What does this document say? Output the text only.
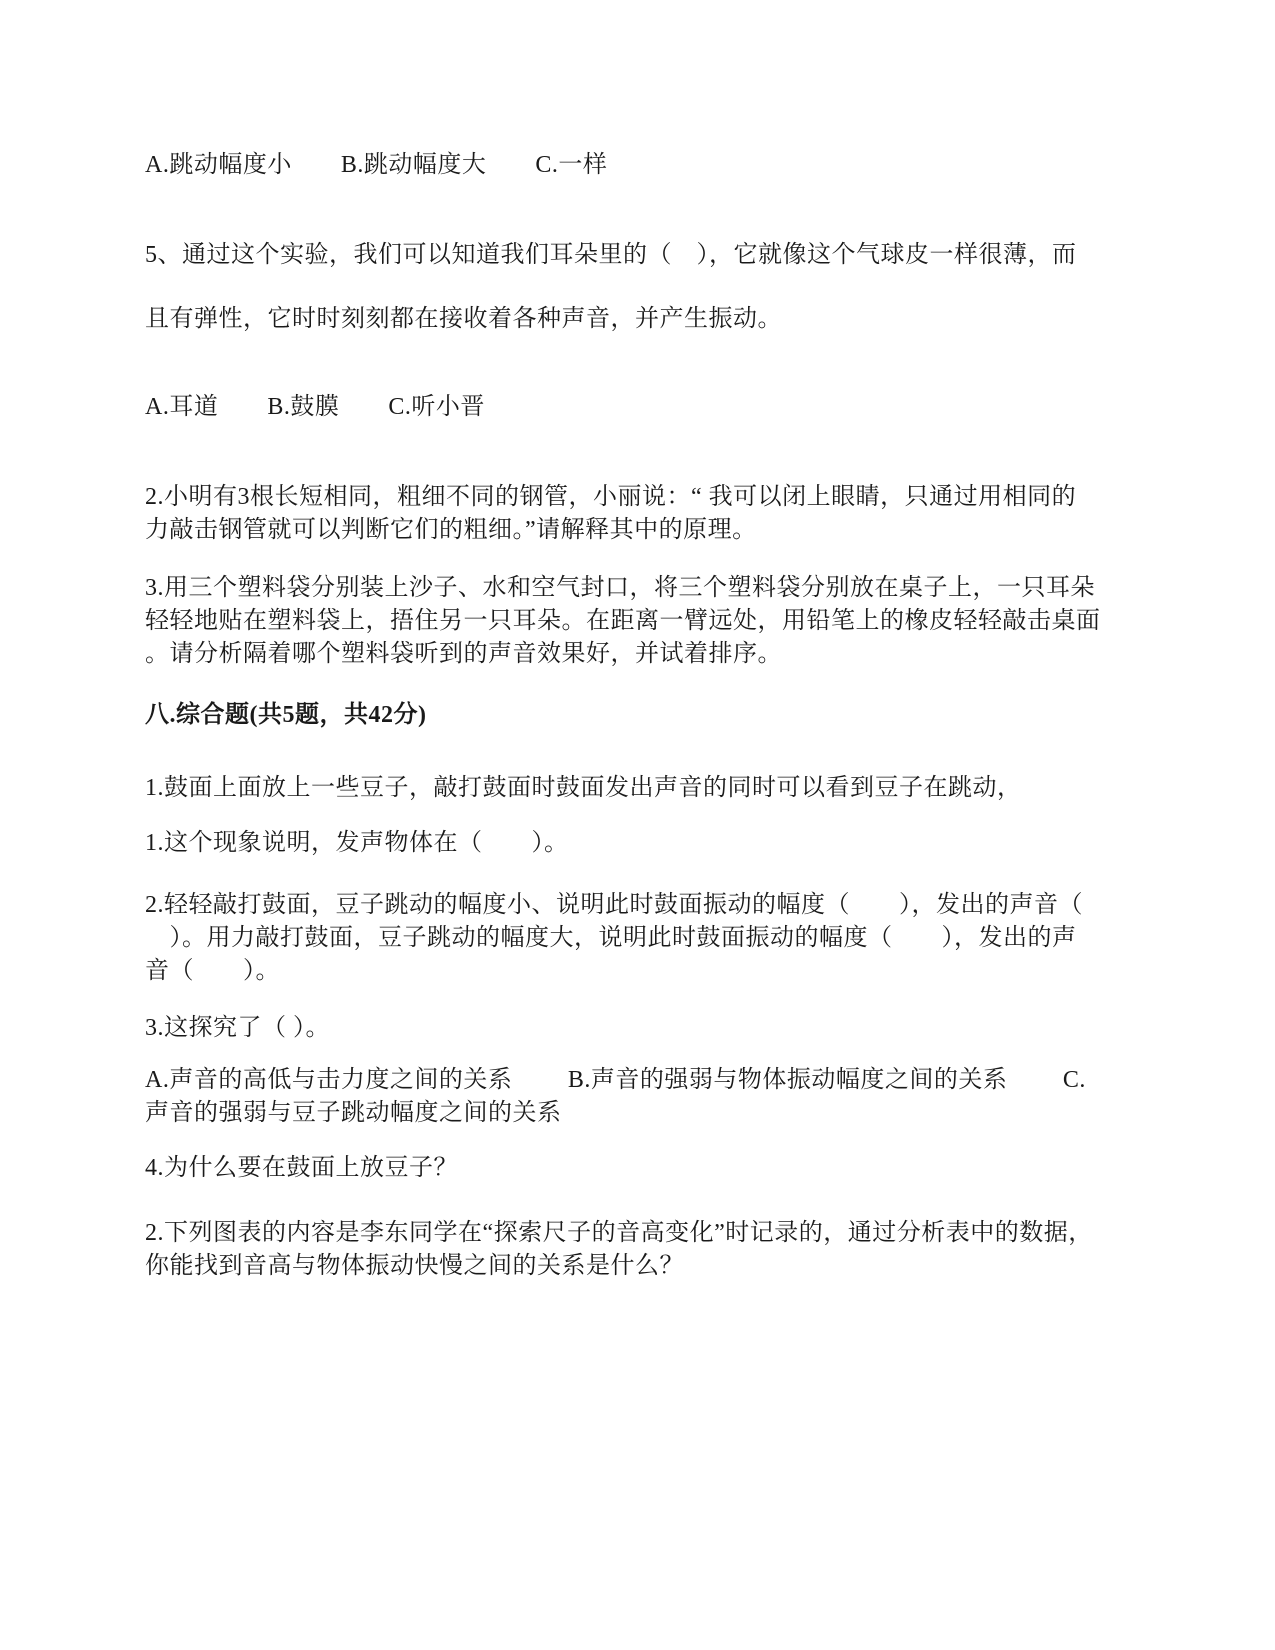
A.跳动幅度小　　B.跳动幅度大　　C.一样
5、通过这个实验，我们可以知道我们耳朵里的（　），它就像这个气球皮一样很薄，而
且有弹性，它时时刻刻都在接收着各种声音，并产生振动。
A.耳道　　B.鼓膜　　C.听小晋
2.小明有3根长短相同，粗细不同的钢管，小丽说：“ 我可以闭上眼睛，只通过用相同的
力敲击钢管就可以判断它们的粗细。”请解释其中的原理。
3.用三个塑料袋分别装上沙子、水和空气封口，将三个塑料袋分别放在桌子上，一只耳朵
轻轻地贴在塑料袋上，捂住另一只耳朵。在距离一臂远处，用铅笔上的橡皮轻轻敲击桌面
。请分析隔着哪个塑料袋听到的声音效果好，并试着排序。
八.综合题(共5题，共42分)
1.鼓面上面放上一些豆子，敲打鼓面时鼓面发出声音的同时可以看到豆子在跳动，
1.这个现象说明，发声物体在（　　）。
2.轻轻敲打鼓面，豆子跳动的幅度小、说明此时鼓面振动的幅度（　　），发出的声音（
　）。用力敲打鼓面，豆子跳动的幅度大，说明此时鼓面振动的幅度（　　），发出的声
音（　　）。
3.这探究了（ ）。
A.声音的高低与击力度之间的关系　　 B.声音的强弱与物体振动幅度之间的关系　　 C.
声音的强弱与豆子跳动幅度之间的关系
4.为什么要在鼓面上放豆子？
2.下列图表的内容是李东同学在“探索尺子的音高变化”时记录的，通过分析表中的数据，
你能找到音高与物体振动快慢之间的关系是什么？
